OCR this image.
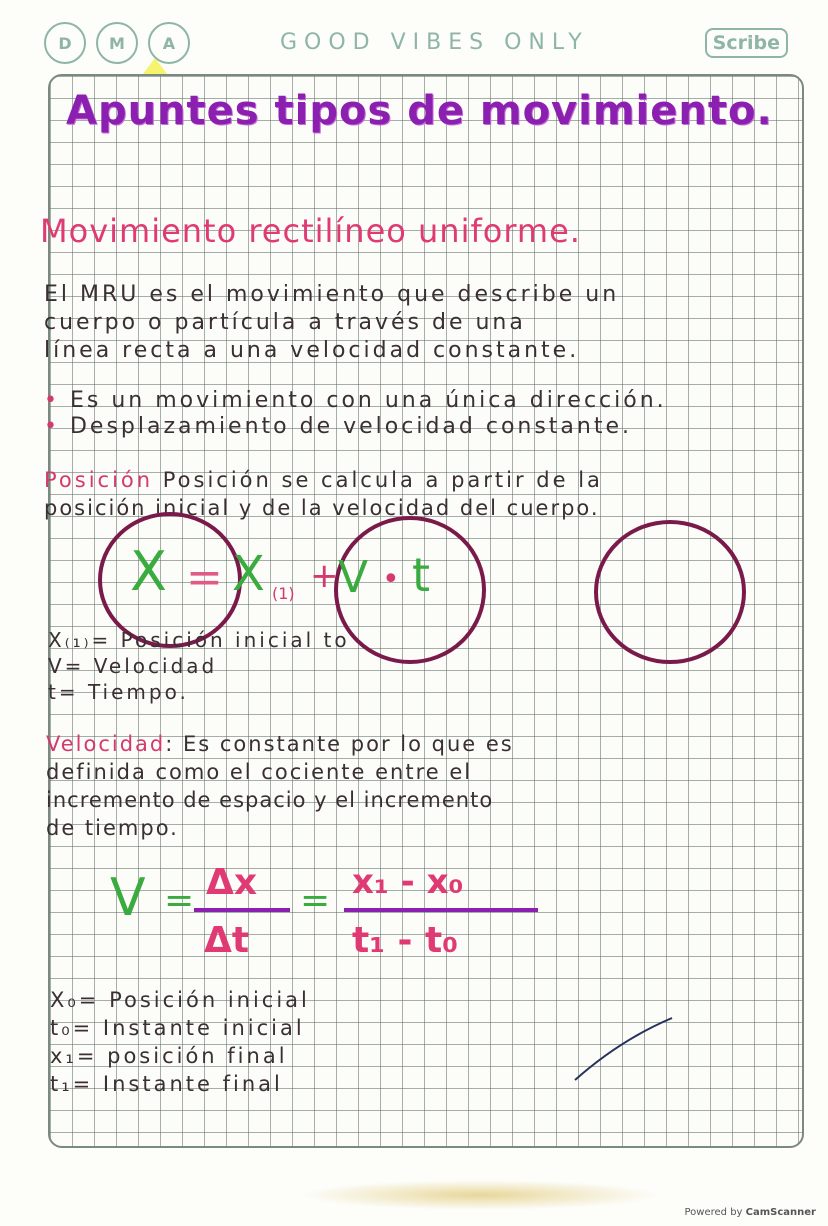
D M A	GOOD VIBES ONLY	Scribe
Apuntes tipos de movimiento.
Movimiento rectilíneo uniforme.
El MRU es el movimiento que describe un
cuerpo o partícula a través de una
línea recta a una velocidad constante.
• Es un movimiento con una única dirección.
• Desplazamiento de velocidad constante.
Posición Posición se calcula a partir de la
posición inicial y de la velocidad del cuerpo.
X = X (1) + V • t
X₍₁₎= Posición inicial to
V= Velocidad
t= Tiempo.
Velocidad: Es constante por lo que es
definida como el cociente entre el
incremento de espacio y el incremento
de tiempo.
V = Δx
Δt
= x₁ - x₀
t₁ - t₀
X₀= Posición inicial
t₀= Instante inicial
x₁= posición final
t₁= Instante final
Powered by CamScanner
